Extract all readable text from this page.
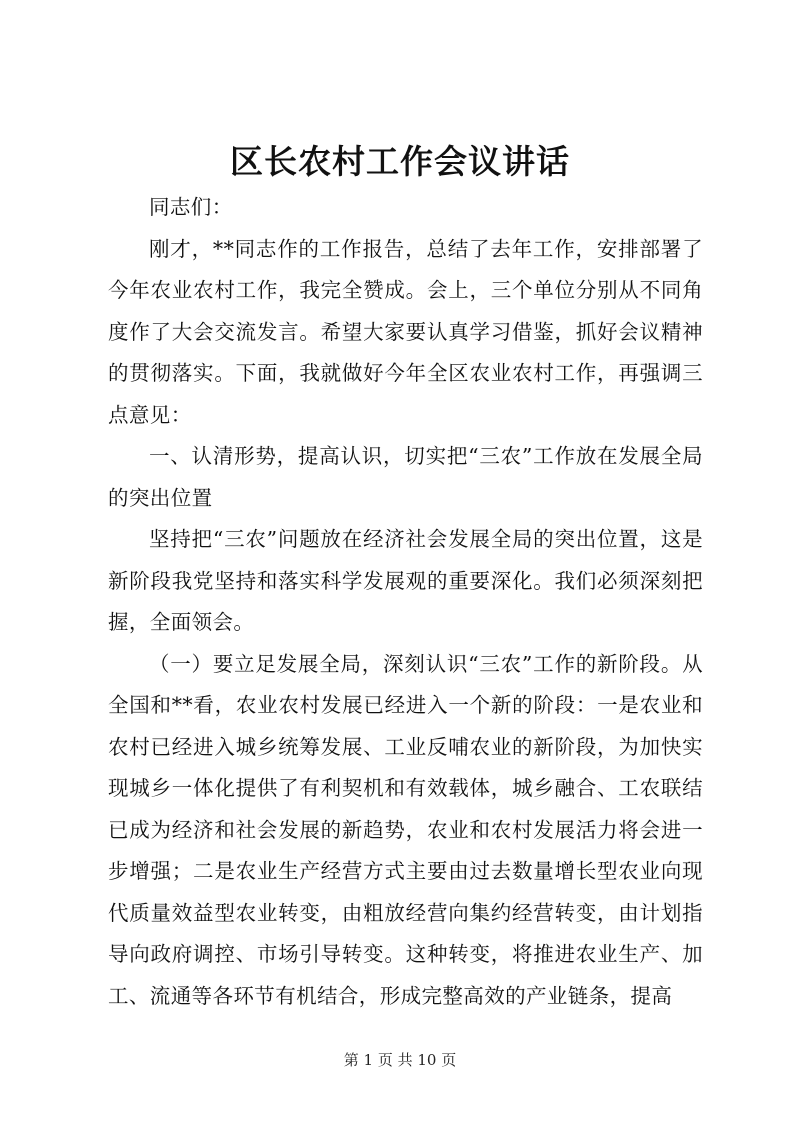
区长农村工作会议讲话

同志们：

刚才，**同志作的工作报告，总结了去年工作，安排部署了今年农业农村工作，我完全赞成。会上，三个单位分别从不同角度作了大会交流发言。希望大家要认真学习借鉴，抓好会议精神的贯彻落实。下面，我就做好今年全区农业农村工作，再强调三点意见：

一、认清形势，提高认识，切实把“三农”工作放在发展全局的突出位置

坚持把“三农”问题放在经济社会发展全局的突出位置，这是新阶段我党坚持和落实科学发展观的重要深化。我们必须深刻把握，全面领会。

（一）要立足发展全局，深刻认识“三农”工作的新阶段。从全国和**看，农业农村发展已经进入一个新的阶段：一是农业和农村已经进入城乡统筹发展、工业反哺农业的新阶段，为加快实现城乡一体化提供了有利契机和有效载体，城乡融合、工农联结已成为经济和社会发展的新趋势，农业和农村发展活力将会进一步增强；二是农业生产经营方式主要由过去数量增长型农业向现代质量效益型农业转变，由粗放经营向集约经营转变，由计划指导向政府调控、市场引导转变。这种转变，将推进农业生产、加工、流通等各环节有机结合，形成完整高效的产业链条，提高

第 1 页 共 10 页
